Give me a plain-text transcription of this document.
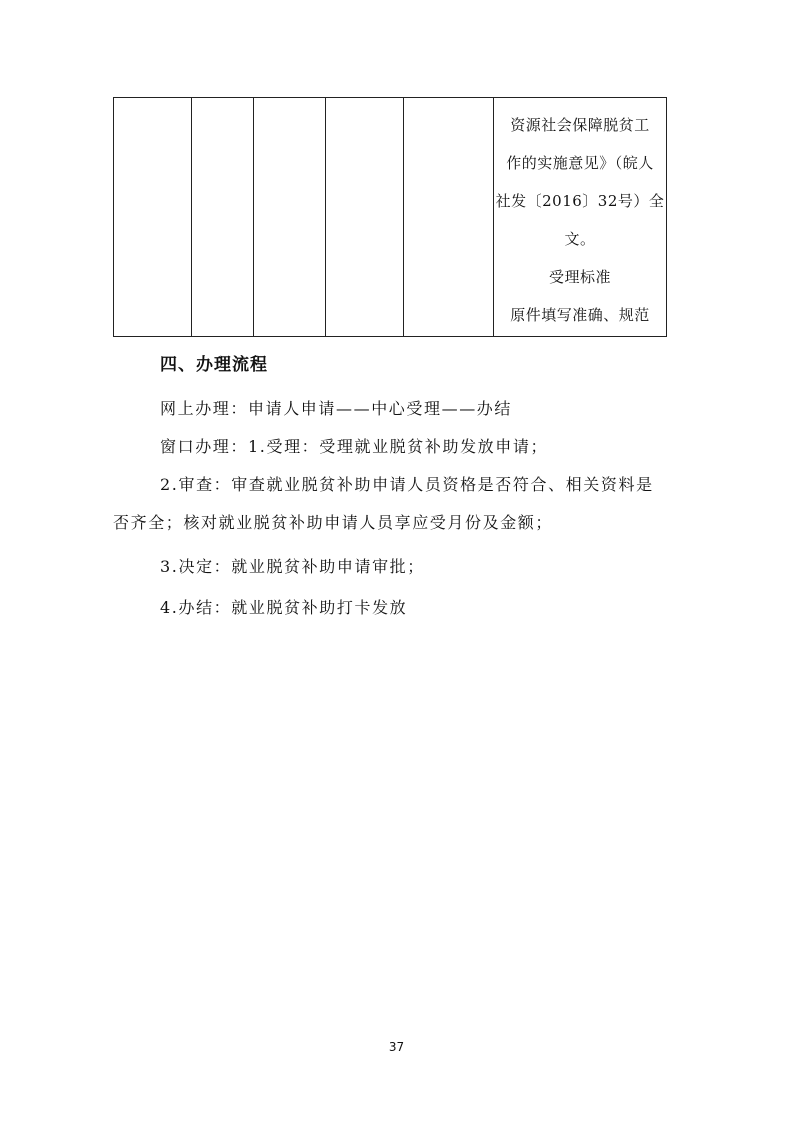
资源社会保障脱贫工
作的实施意见》（皖人
社发〔2016〕32号）全
文。
受理标准
原件填写准确、规范
四、办理流程
网上办理：申请人申请——中心受理——办结
窗口办理：1.受理：受理就业脱贫补助发放申请；
2.审查：审查就业脱贫补助申请人员资格是否符合、相关资料是
否齐全；核对就业脱贫补助申请人员享应受月份及金额；
3.决定：就业脱贫补助申请审批；
4.办结：就业脱贫补助打卡发放
37
